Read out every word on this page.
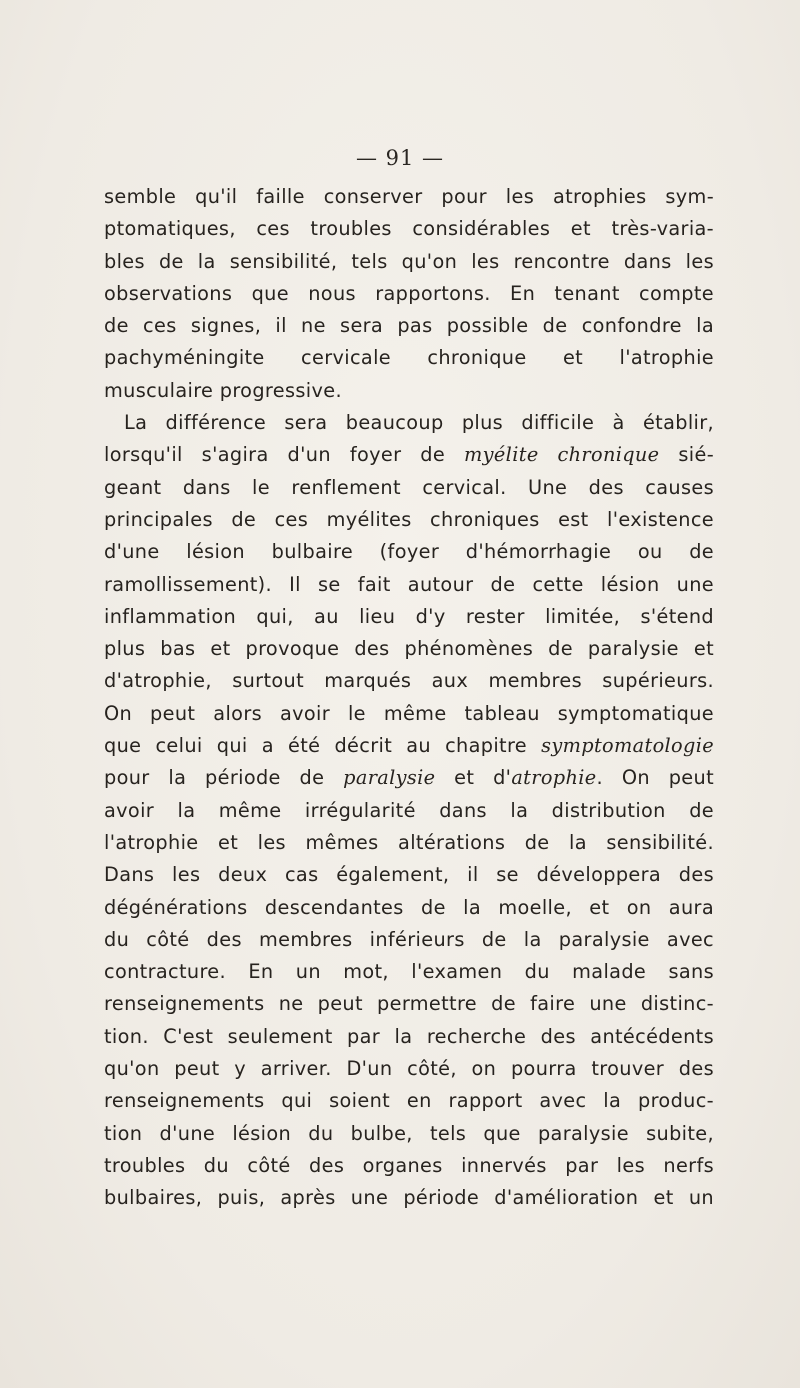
— 91 —
semble qu'il faille conserver pour les atrophies sym-
ptomatiques, ces troubles considérables et très-varia-
bles de la sensibilité, tels qu'on les rencontre dans les
observations que nous rapportons. En tenant compte
de ces signes, il ne sera pas possible de confondre la
pachyméningite cervicale chronique et l'atrophie
musculaire progressive.
La différence sera beaucoup plus difficile à établir,
lorsqu'il s'agira d'un foyer de myélite chronique sié-
geant dans le renflement cervical. Une des causes
principales de ces myélites chroniques est l'existence
d'une lésion bulbaire (foyer d'hémorrhagie ou de
ramollissement). Il se fait autour de cette lésion une
inflammation qui, au lieu d'y rester limitée, s'étend
plus bas et provoque des phénomènes de paralysie et
d'atrophie, surtout marqués aux membres supérieurs.
On peut alors avoir le même tableau symptomatique
que celui qui a été décrit au chapitre symptomatologie
pour la période de paralysie et d'atrophie. On peut
avoir la même irrégularité dans la distribution de
l'atrophie et les mêmes altérations de la sensibilité.
Dans les deux cas également, il se développera des
dégénérations descendantes de la moelle, et on aura
du côté des membres inférieurs de la paralysie avec
contracture. En un mot, l'examen du malade sans
renseignements ne peut permettre de faire une distinc-
tion. C'est seulement par la recherche des antécédents
qu'on peut y arriver. D'un côté, on pourra trouver des
renseignements qui soient en rapport avec la produc-
tion d'une lésion du bulbe, tels que paralysie subite,
troubles du côté des organes innervés par les nerfs
bulbaires, puis, après une période d'amélioration et un
